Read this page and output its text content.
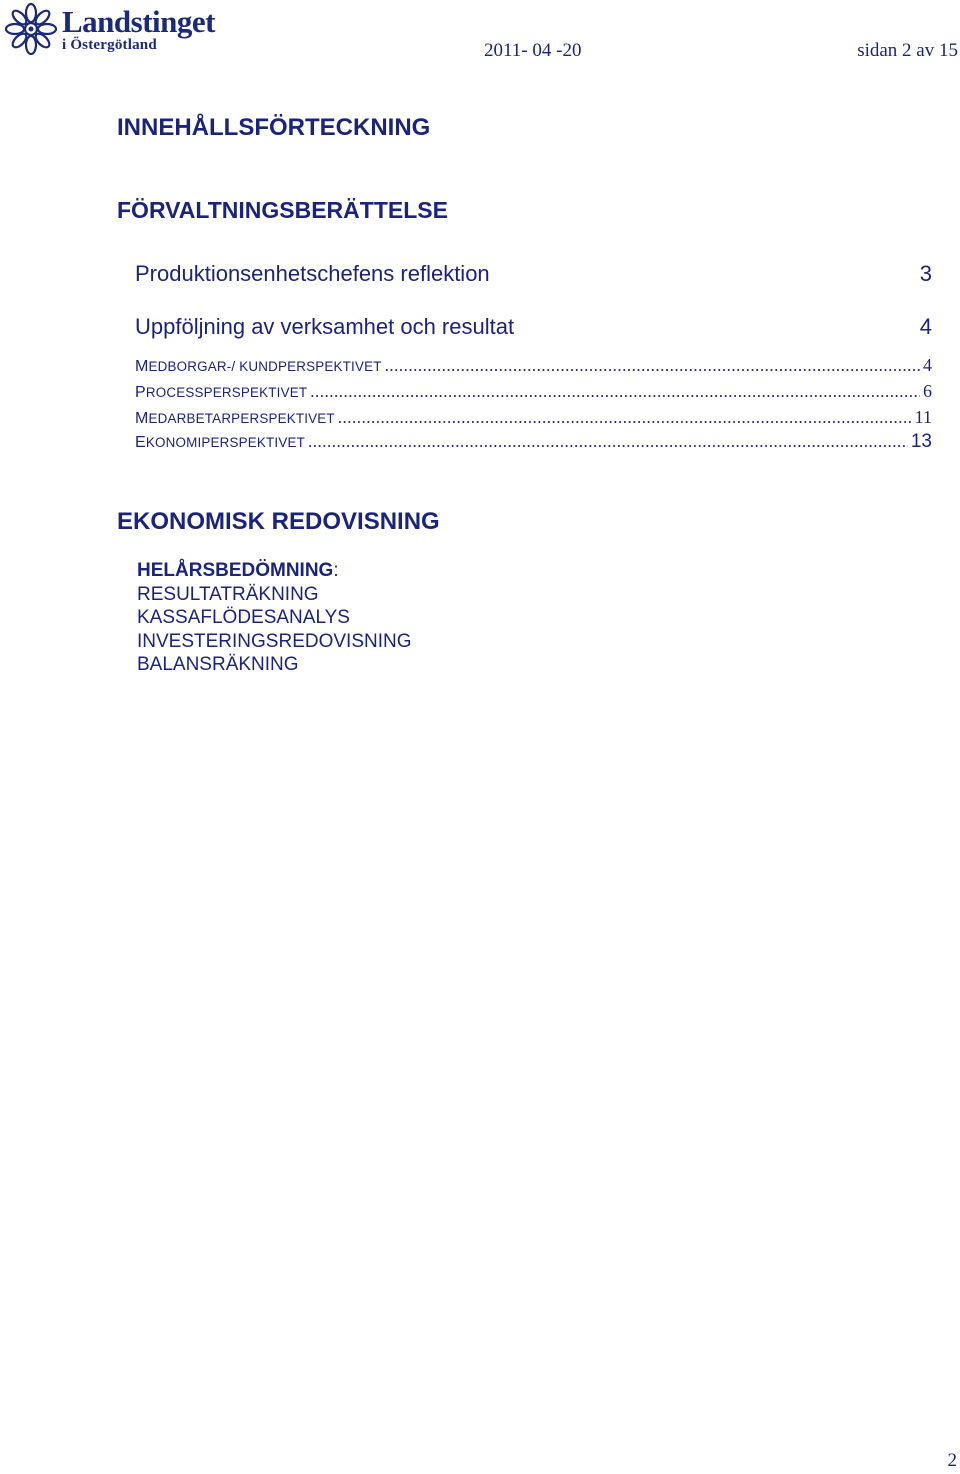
Landstinget
i Östergötland	2011- 04 -20	sidan 2 av 15
INNEHÅLLSFÖRTECKNING
FÖRVALTNINGSBERÄTTELSE
Produktionsenhetschefens reflektion	3
Uppföljning av verksamhet och resultat	4
MEDBORGAR-/ KUNDPERSPEKTIVET .....	4
PROCESSPERSPEKTIVET .....	6
MEDARBETARPERSPEKTIVET .....	11
EKONOMIPERSPEKTIVET .....	13
EKONOMISK REDOVISNING
HELÅRSBEDÖMNING:
RESULTATRÄKNING
KASSAFLÖDESANALYS
INVESTERINGSREDOVISNING
BALANSRÄKNING
2
